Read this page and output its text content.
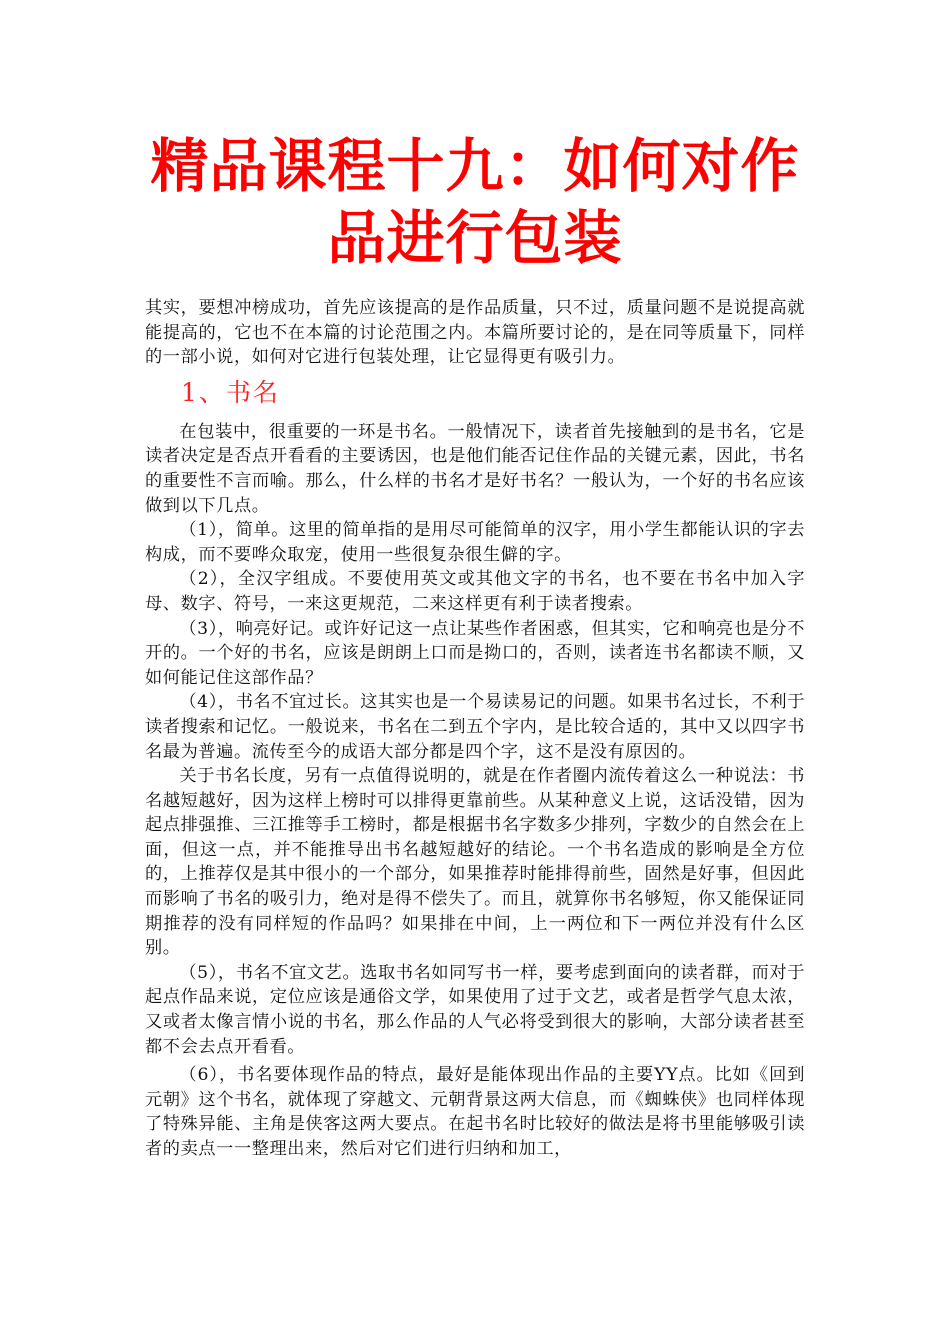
精品课程十九：如何对作
品进行包装

其实，要想冲榜成功，首先应该提高的是作品质量，只不过，质量问题不是说提高就能提高的，它也不在本篇的讨论范围之内。本篇所要讨论的，是在同等质量下，同样的一部小说，如何对它进行包装处理，让它显得更有吸引力。

1、书名

在包装中，很重要的一环是书名。一般情况下，读者首先接触到的是书名，它是读者决定是否点开看看的主要诱因，也是他们能否记住作品的关键元素，因此，书名的重要性不言而喻。那么，什么样的书名才是好书名？一般认为，一个好的书名应该做到以下几点。

（1），简单。这里的简单指的是用尽可能简单的汉字，用小学生都能认识的字去构成，而不要哗众取宠，使用一些很复杂很生僻的字。

（2），全汉字组成。不要使用英文或其他文字的书名，也不要在书名中加入字母、数字、符号，一来这更规范，二来这样更有利于读者搜索。

（3），响亮好记。或许好记这一点让某些作者困惑，但其实，它和响亮也是分不开的。一个好的书名，应该是朗朗上口而是拗口的，否则，读者连书名都读不顺，又如何能记住这部作品？

（4），书名不宜过长。这其实也是一个易读易记的问题。如果书名过长，不利于读者搜索和记忆。一般说来，书名在二到五个字内，是比较合适的，其中又以四字书名最为普遍。流传至今的成语大部分都是四个字，这不是没有原因的。

关于书名长度，另有一点值得说明的，就是在作者圈内流传着这么一种说法：书名越短越好，因为这样上榜时可以排得更靠前些。从某种意义上说，这话没错，因为起点排强推、三江推等手工榜时，都是根据书名字数多少排列，字数少的自然会在上面，但这一点，并不能推导出书名越短越好的结论。一个书名造成的影响是全方位的，上推荐仅是其中很小的一个部分，如果推荐时能排得前些，固然是好事，但因此而影响了书名的吸引力，绝对是得不偿失了。而且，就算你书名够短，你又能保证同期推荐的没有同样短的作品吗？如果排在中间，上一两位和下一两位并没有什么区别。

（5），书名不宜文艺。选取书名如同写书一样，要考虑到面向的读者群，而对于起点作品来说，定位应该是通俗文学，如果使用了过于文艺，或者是哲学气息太浓，又或者太像言情小说的书名，那么作品的人气必将受到很大的影响，大部分读者甚至都不会去点开看看。

（6），书名要体现作品的特点，最好是能体现出作品的主要YY点。比如《回到元朝》这个书名，就体现了穿越文、元朝背景这两大信息，而《蜘蛛侠》也同样体现了特殊异能、主角是侠客这两大要点。在起书名时比较好的做法是将书里能够吸引读者的卖点一一整理出来，然后对它们进行归纳和加工，
